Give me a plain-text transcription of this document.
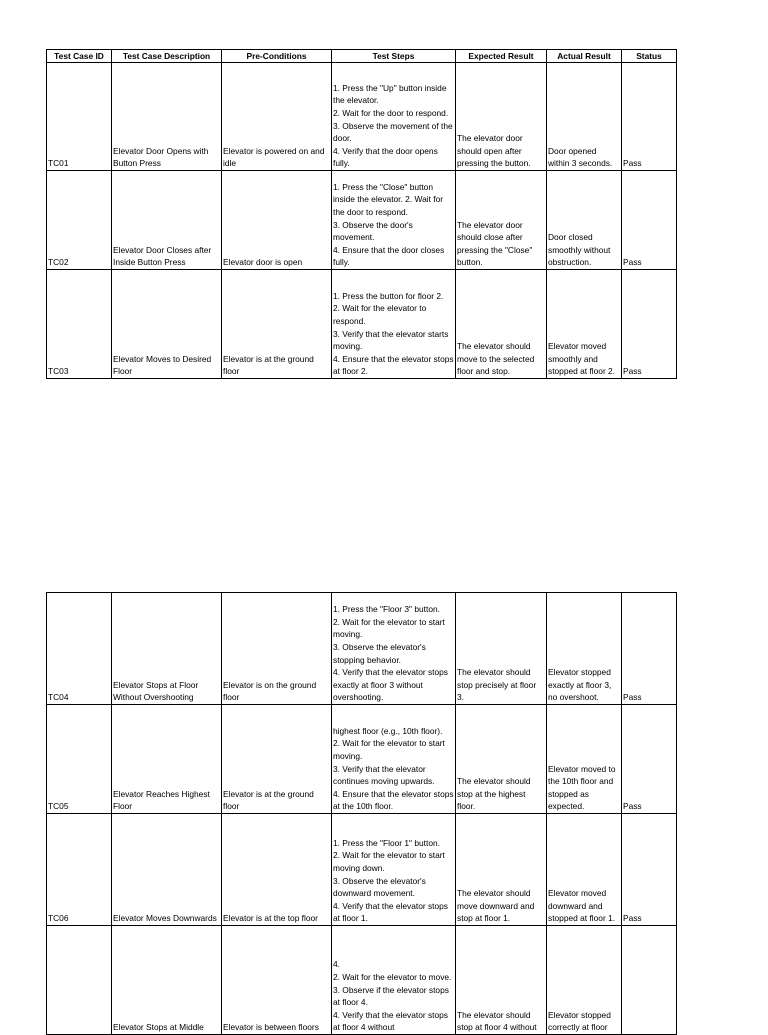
Test Case ID	Test Case Description	Pre-Conditions	Test Steps	Expected Result	Actual Result	Status
TC01	Elevator Door Opens with Button Press	Elevator is powered on and idle	1. Press the "Up" button inside the elevator.
2. Wait for the door to respond.
3. Observe the movement of the door.
4. Verify that the door opens fully.	The elevator door should open after pressing the button.	Door opened within 3 seconds.	Pass
TC02	Elevator Door Closes after Inside Button Press	Elevator door is open	1. Press the "Close" button inside the elevator. 2. Wait for the door to respond.
3. Observe the door's movement.
4. Ensure that the door closes fully.	The elevator door should close after pressing the "Close" button.	Door closed smoothly without obstruction.	Pass
TC03	Elevator Moves to Desired Floor	Elevator is at the ground floor	1. Press the button for floor 2.
2. Wait for the elevator to respond.
3. Verify that the elevator starts moving.
4. Ensure that the elevator stops at floor 2.	The elevator should move to the selected floor and stop.	Elevator moved smoothly and stopped at floor 2.	Pass
TC04	Elevator Stops at Floor Without Overshooting	Elevator is on the ground floor	1. Press the "Floor 3" button.
2. Wait for the elevator to start moving.
3. Observe the elevator's stopping behavior.
4. Verify that the elevator stops exactly at floor 3 without overshooting.	The elevator should stop precisely at floor 3.	Elevator stopped exactly at floor 3, no overshoot.	Pass
TC05	Elevator Reaches Highest Floor	Elevator is at the ground floor	highest floor (e.g., 10th floor).
2. Wait for the elevator to start moving.
3. Verify that the elevator continues moving upwards.
4. Ensure that the elevator stops at the 10th floor.	The elevator should stop at the highest floor.	Elevator moved to the 10th floor and stopped as expected.	Pass
TC06	Elevator Moves Downwards	Elevator is at the top floor	1. Press the "Floor 1" button.
2. Wait for the elevator to start moving down.
3. Observe the elevator's downward movement.
4. Verify that the elevator stops at floor 1.	The elevator should move downward and stop at floor 1.	Elevator moved downward and stopped at floor 1.	Pass
	Elevator Stops at Middle	Elevator is between floors	4.
2. Wait for the elevator to move.
3. Observe if the elevator stops at floor 4.
4. Verify that the elevator stops at floor 4 without	The elevator should stop at floor 4 without	Elevator stopped correctly at floor	
